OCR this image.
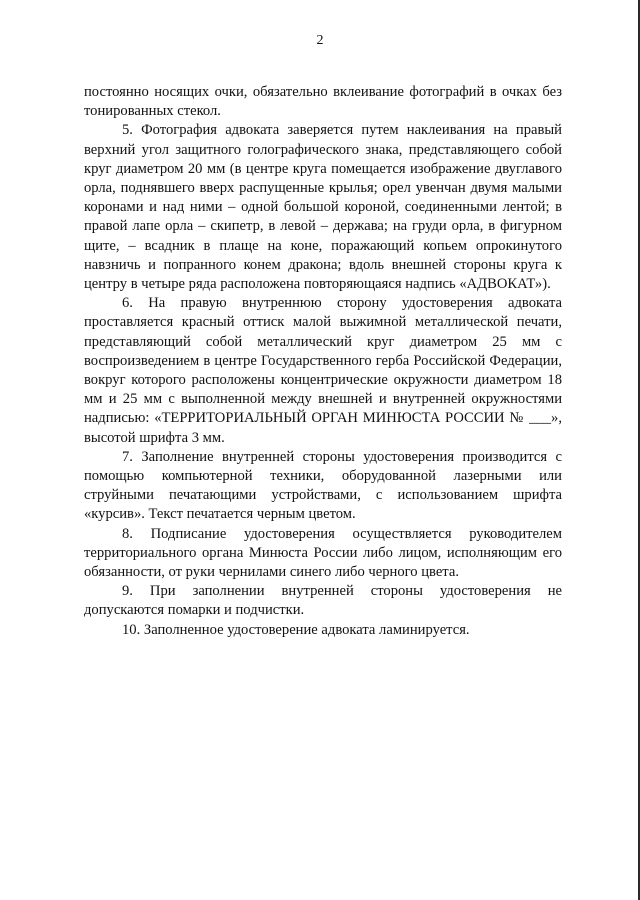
2

постоянно носящих очки, обязательно вклеивание фотографий в очках без тонированных стекол.

5. Фотография адвоката заверяется путем наклеивания на правый верхний угол защитного голографического знака, представляющего собой круг диаметром 20 мм (в центре круга помещается изображение двуглавого орла, поднявшего вверх распущенные крылья; орел увенчан двумя малыми коронами и над ними – одной большой короной, соединенными лентой; в правой лапе орла – скипетр, в левой – держава; на груди орла, в фигурном щите, – всадник в плаще на коне, поражающий копьем опрокинутого навзничь и попранного конем дракона; вдоль внешней стороны круга к центру в четыре ряда расположена повторяющаяся надпись «АДВОКАТ»).

6. На правую внутреннюю сторону удостоверения адвоката проставляется красный оттиск малой выжимной металлической печати, представляющий собой металлический круг диаметром 25 мм с воспроизведением в центре Государственного герба Российской Федерации, вокруг которого расположены концентрические окружности диаметром 18 мм и 25 мм с выполненной между внешней и внутренней окружностями надписью: «ТЕРРИТОРИАЛЬНЫЙ ОРГАН МИНЮСТА РОССИИ № ___», высотой шрифта 3 мм.

7. Заполнение внутренней стороны удостоверения производится с помощью компьютерной техники, оборудованной лазерными или струйными печатающими устройствами, с использованием шрифта «курсив». Текст печатается черным цветом.

8. Подписание удостоверения осуществляется руководителем территориального органа Минюста России либо лицом, исполняющим его обязанности, от руки чернилами синего либо черного цвета.

9. При заполнении внутренней стороны удостоверения не допускаются помарки и подчистки.

10. Заполненное удостоверение адвоката ламинируется.
